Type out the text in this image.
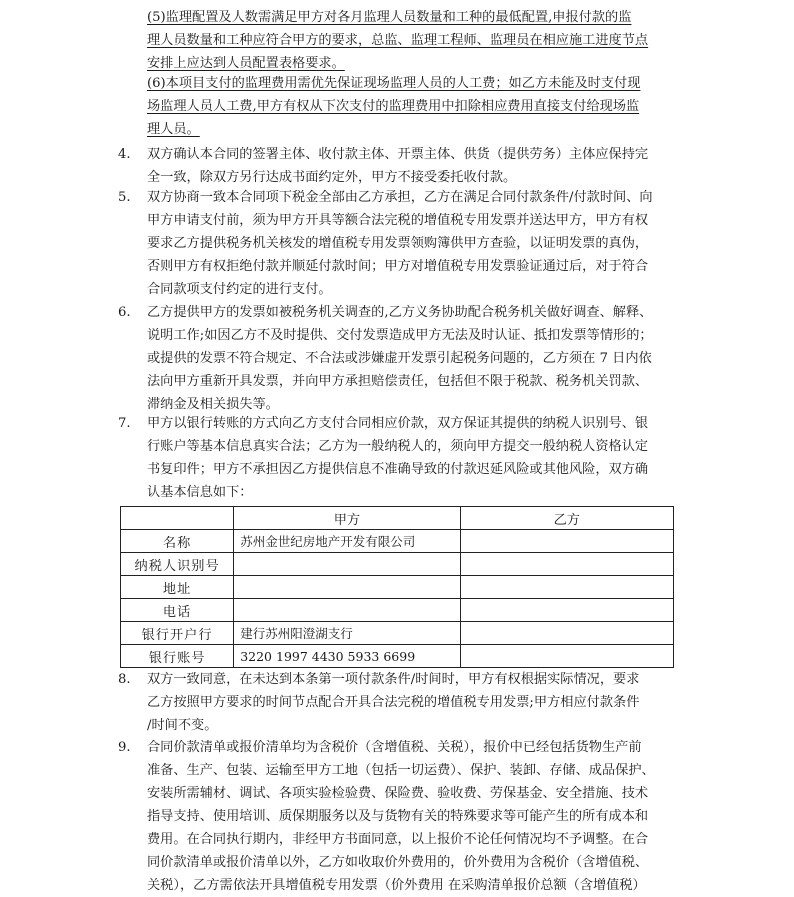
(5)监理配置及人数需满足甲方对各月监理人员数量和工种的最低配置,申报付款的监
理人员数量和工种应符合甲方的要求，总监、监理工程师、监理员在相应施工进度节点
安排上应达到人员配置表格要求。
(6)本项目支付的监理费用需优先保证现场监理人员的人工费；如乙方未能及时支付现
场监理人员人工费,甲方有权从下次支付的监理费用中扣除相应费用直接支付给现场监
理人员。
4.	双方确认本合同的签署主体、收付款主体、开票主体、供货（提供劳务）主体应保持完
全一致，除双方另行达成书面约定外，甲方不接受委托收付款。
5.	双方协商一致本合同项下税金全部由乙方承担，乙方在满足合同付款条件/付款时间、向
甲方申请支付前，须为甲方开具等额合法完税的增值税专用发票并送达甲方，甲方有权
要求乙方提供税务机关核发的增值税专用发票领购簿供甲方查验，以证明发票的真伪，
否则甲方有权拒绝付款并顺延付款时间；甲方对增值税专用发票验证通过后，对于符合
合同款项支付约定的进行支付。
6.	乙方提供甲方的发票如被税务机关调查的,乙方义务协助配合税务机关做好调查、解释、
说明工作;如因乙方不及时提供、交付发票造成甲方无法及时认证、抵扣发票等情形的；
或提供的发票不符合规定、不合法或涉嫌虚开发票引起税务问题的，乙方须在 7 日内依
法向甲方重新开具发票，并向甲方承担赔偿责任，包括但不限于税款、税务机关罚款、
滞纳金及相关损失等。
7.	甲方以银行转账的方式向乙方支付合同相应价款，双方保证其提供的纳税人识别号、银
行账户等基本信息真实合法；乙方为一般纳税人的，须向甲方提交一般纳税人资格认定
书复印件；甲方不承担因乙方提供信息不准确导致的付款迟延风险或其他风险，双方确
认基本信息如下：
	甲方	乙方
名称	苏州金世纪房地产开发有限公司	
纳税人识别号		
地址		
电话		
银行开户行	建行苏州阳澄湖支行	
银行账号	3220 1997 4430 5933 6699	
8.	双方一致同意，在未达到本条第一项付款条件/时间时，甲方有权根据实际情况，要求
乙方按照甲方要求的时间节点配合开具合法完税的增值税专用发票;甲方相应付款条件
/时间不变。
9.	合同价款清单或报价清单均为含税价（含增值税、关税），报价中已经包括货物生产前
准备、生产、包装、运输至甲方工地（包括一切运费）、保护、装卸、存储、成品保护、
安装所需辅材、调试、各项实验检验费、保险费、验收费、劳保基金、安全措施、技术
指导支持、使用培训、质保期服务以及与货物有关的特殊要求等可能产生的所有成本和
费用。在合同执行期内，非经甲方书面同意，以上报价不论任何情况均不予调整。在合
同价款清单或报价清单以外，乙方如收取价外费用的，价外费用为含税价（含增值税、
关税），乙方需依法开具增值税专用发票（价外费用 在采购清单报价总额（含增值税）
